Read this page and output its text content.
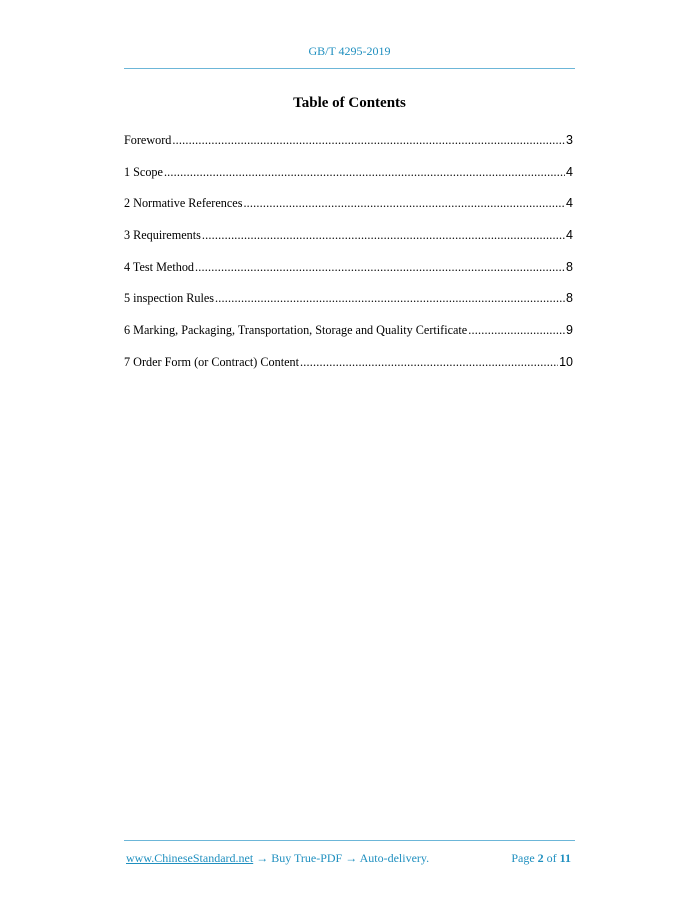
GB/T 4295-2019
Table of Contents
Foreword .....	3
1 Scope .....	4
2 Normative References .....	4
3 Requirements .....	4
4 Test Method .....	8
5 inspection Rules .....	8
6 Marking, Packaging, Transportation, Storage and Quality Certificate .....	9
7 Order Form (or Contract) Content .....	10
www.ChineseStandard.net → Buy True-PDF → Auto-delivery.	Page 2 of 11
